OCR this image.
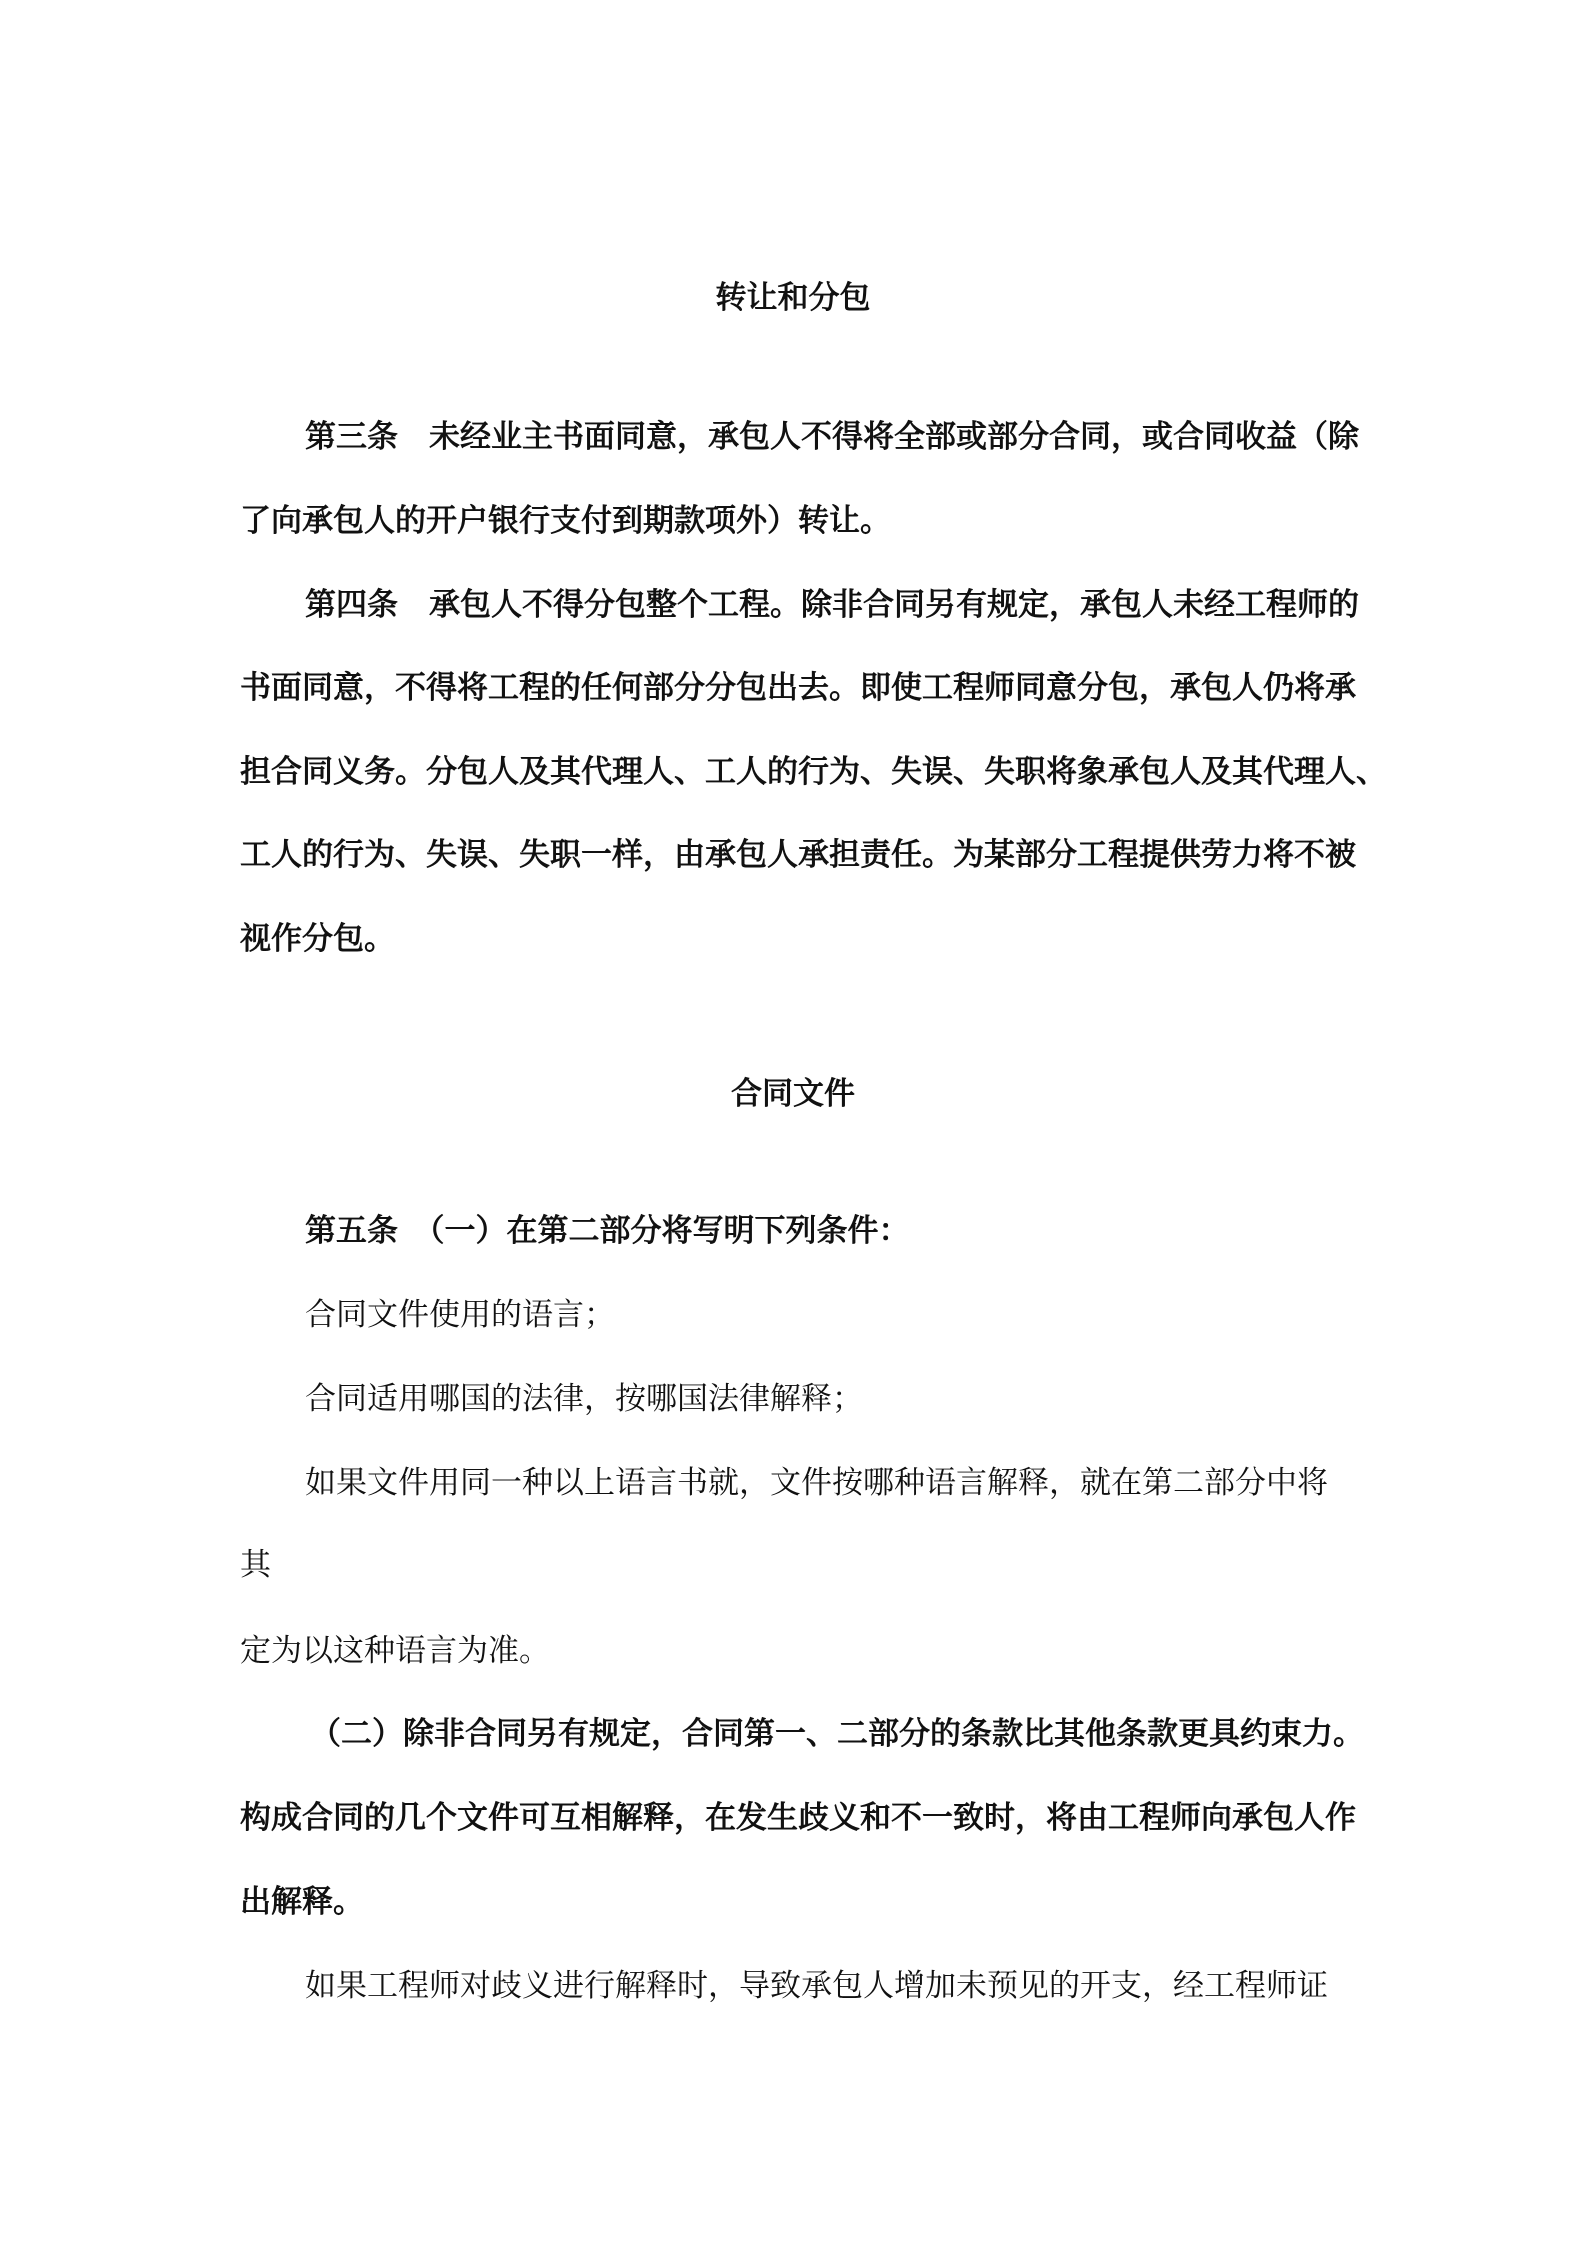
转让和分包
第三条　未经业主书面同意，承包人不得将全部或部分合同，或合同收益（除
了向承包人的开户银行支付到期款项外）转让。
第四条　承包人不得分包整个工程。除非合同另有规定，承包人未经工程师的
书面同意，不得将工程的任何部分分包出去。即使工程师同意分包，承包人仍将承
担合同义务。分包人及其代理人、工人的行为、失误、失职将象承包人及其代理人、
工人的行为、失误、失职一样，由承包人承担责任。为某部分工程提供劳力将不被
视作分包。
合同文件
第五条　（一）在第二部分将写明下列条件：
合同文件使用的语言；
合同适用哪国的法律，按哪国法律解释；
如果文件用同一种以上语言书就，文件按哪种语言解释，就在第二部分中将
其
定为以这种语言为准。
（二）除非合同另有规定，合同第一、二部分的条款比其他条款更具约束力。
构成合同的几个文件可互相解释，在发生歧义和不一致时，将由工程师向承包人作
出解释。
如果工程师对歧义进行解释时，导致承包人增加未预见的开支，经工程师证
